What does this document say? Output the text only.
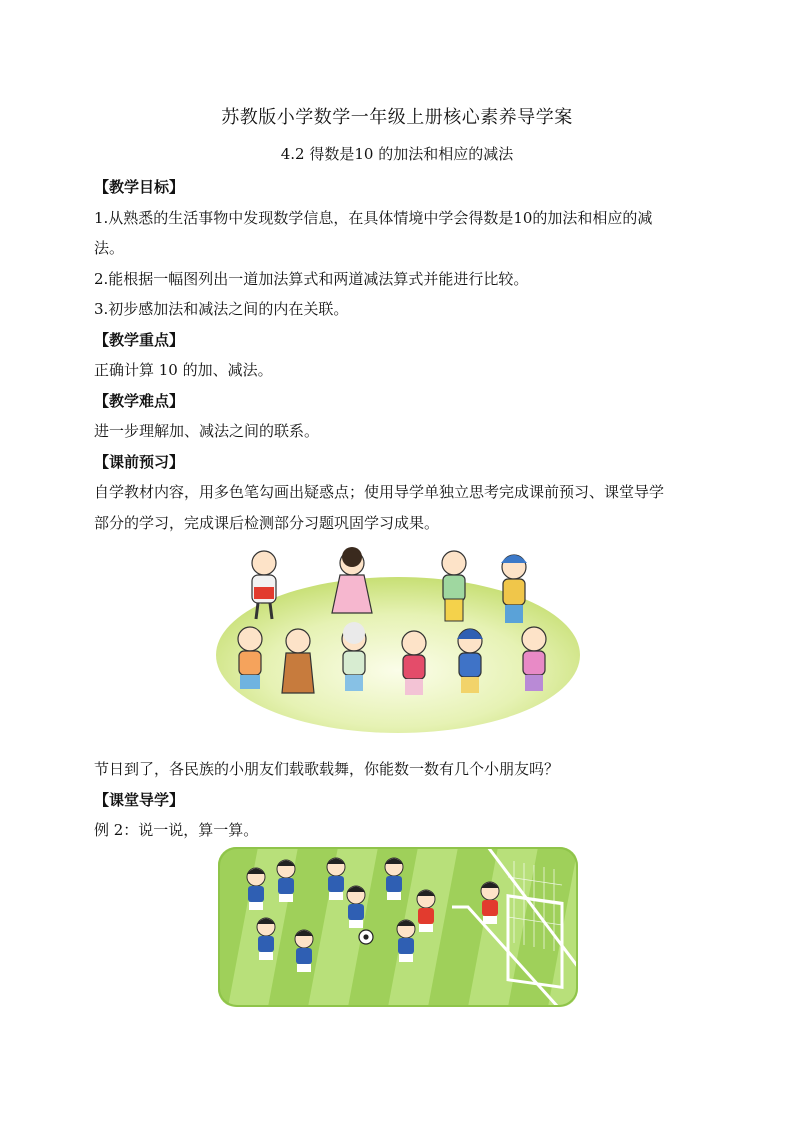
苏教版小学数学一年级上册核心素养导学案
4.2 得数是10 的加法和相应的减法

【教学目标】

1.从熟悉的生活事物中发现数学信息，在具体情境中学会得数是10的加法和相应的减

法。

2.能根据一幅图列出一道加法算式和两道减法算式并能进行比较。

3.初步感加法和减法之间的内在关联。

【教学重点】

正确计算 10 的加、减法。

【教学难点】

进一步理解加、减法之间的联系。

【课前预习】

自学教材内容，用多色笔勾画出疑惑点；使用导学单独立思考完成课前预习、课堂导学

部分的学习，完成课后检测部分习题巩固学习成果。

节日到了，各民族的小朋友们载歌载舞，你能数一数有几个小朋友吗？

【课堂导学】

例 2：说一说，算一算。
